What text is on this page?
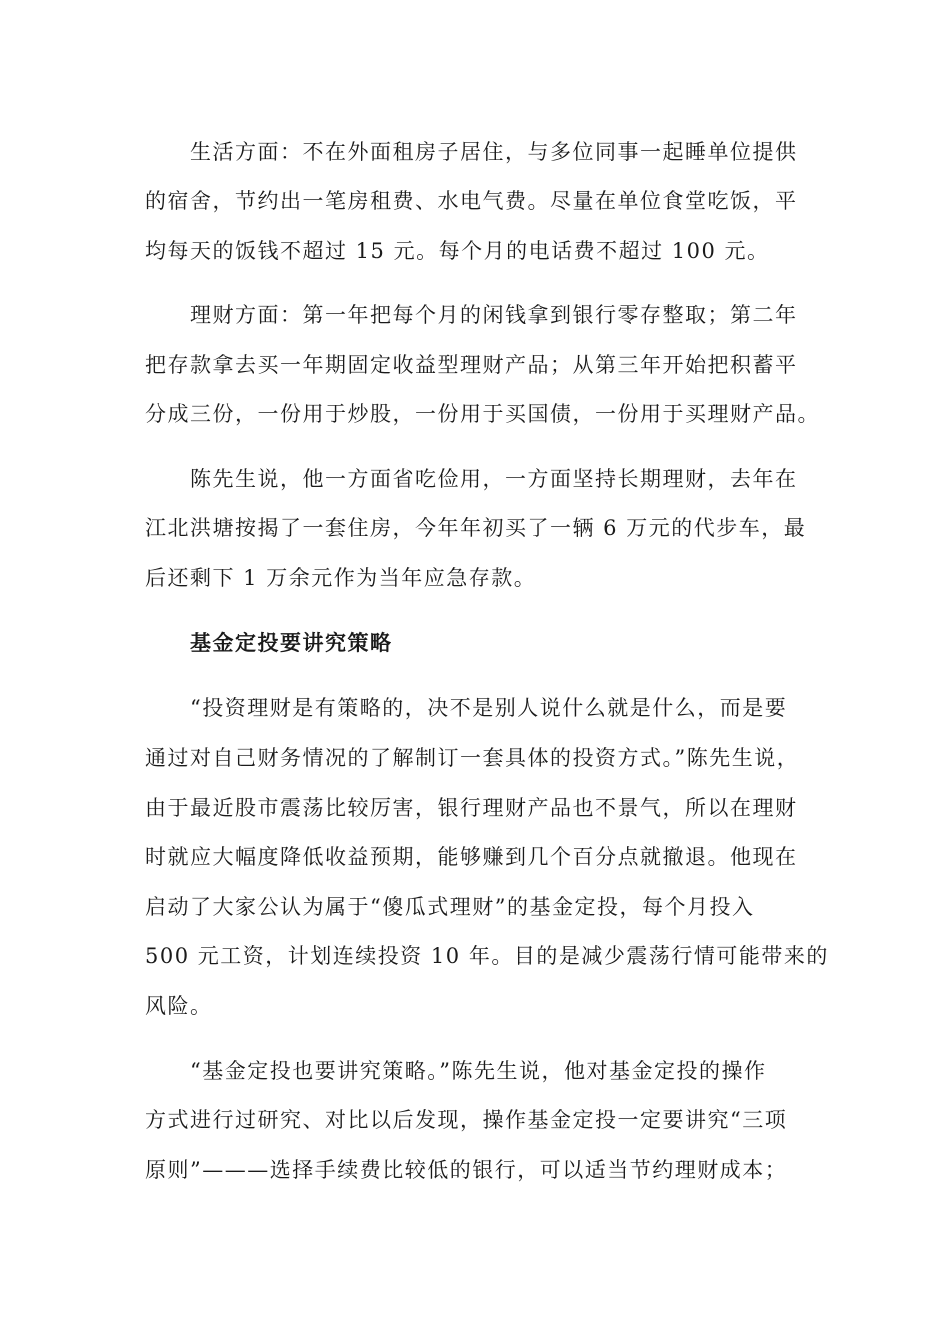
生活方面：不在外面租房子居住，与多位同事一起睡单位提供
的宿舍，节约出一笔房租费、水电气费。尽量在单位食堂吃饭，平
均每天的饭钱不超过 15 元。每个月的电话费不超过 100 元。
理财方面：第一年把每个月的闲钱拿到银行零存整取；第二年
把存款拿去买一年期固定收益型理财产品；从第三年开始把积蓄平
分成三份，一份用于炒股，一份用于买国债，一份用于买理财产品。
陈先生说，他一方面省吃俭用，一方面坚持长期理财，去年在
江北洪塘按揭了一套住房，今年年初买了一辆 6 万元的代步车，最
后还剩下 1 万余元作为当年应急存款。
基金定投要讲究策略
“投资理财是有策略的，决不是别人说什么就是什么，而是要
通过对自己财务情况的了解制订一套具体的投资方式。”陈先生说，
由于最近股市震荡比较厉害，银行理财产品也不景气，所以在理财
时就应大幅度降低收益预期，能够赚到几个百分点就撤退。他现在
启动了大家公认为属于“傻瓜式理财”的基金定投，每个月投入
500 元工资，计划连续投资 10 年。目的是减少震荡行情可能带来的
风险。
“基金定投也要讲究策略。”陈先生说，他对基金定投的操作
方式进行过研究、对比以后发现，操作基金定投一定要讲究“三项
原则”———选择手续费比较低的银行，可以适当节约理财成本；
